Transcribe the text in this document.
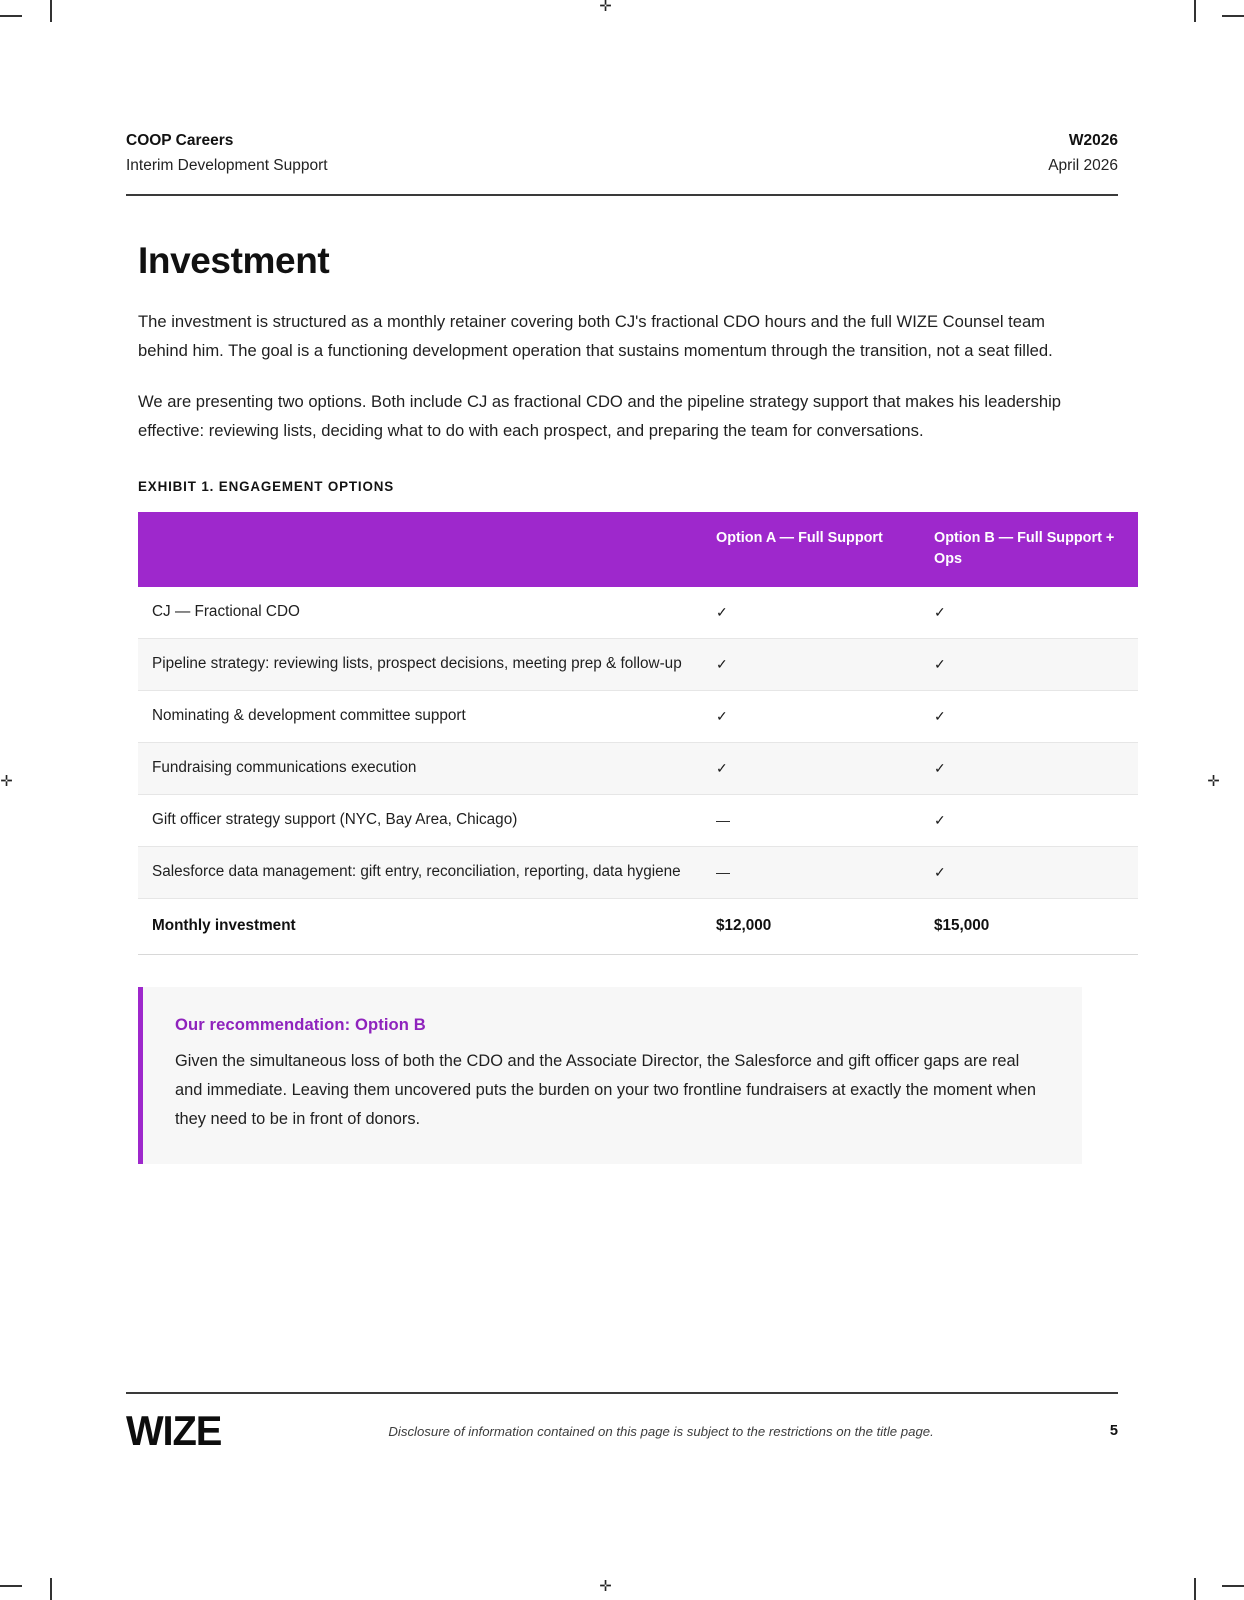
✛
✛
✛	✛
COOP Careers
Interim Development Support
W2026
April 2026
Investment

The investment is structured as a monthly retainer covering both CJ's fractional CDO hours and the full WIZE Counsel team behind him. The goal is a functioning development operation that sustains momentum through the transition, not a seat filled.

We are presenting two options. Both include CJ as fractional CDO and the pipeline strategy support that makes his leadership effective: reviewing lists, deciding what to do with each prospect, and preparing the team for conversations.

EXHIBIT 1. ENGAGEMENT OPTIONS
	Option A — Full Support	Option B — Full Support + Ops
CJ — Fractional CDO	✓	✓
Pipeline strategy: reviewing lists, prospect decisions, meeting prep & follow-up	✓	✓
Nominating & development committee support	✓	✓
Fundraising communications execution	✓	✓
Gift officer strategy support (NYC, Bay Area, Chicago)	—	✓
Salesforce data management: gift entry, reconciliation, reporting, data hygiene	—	✓
Monthly investment	$12,000	$15,000
Our recommendation: Option B

Given the simultaneous loss of both the CDO and the Associate Director, the Salesforce and gift officer gaps are real and immediate. Leaving them uncovered puts the burden on your two frontline fundraisers at exactly the moment when they need to be in front of donors.

WIZE	Disclosure of information contained on this page is subject to the restrictions on the title page.	5
